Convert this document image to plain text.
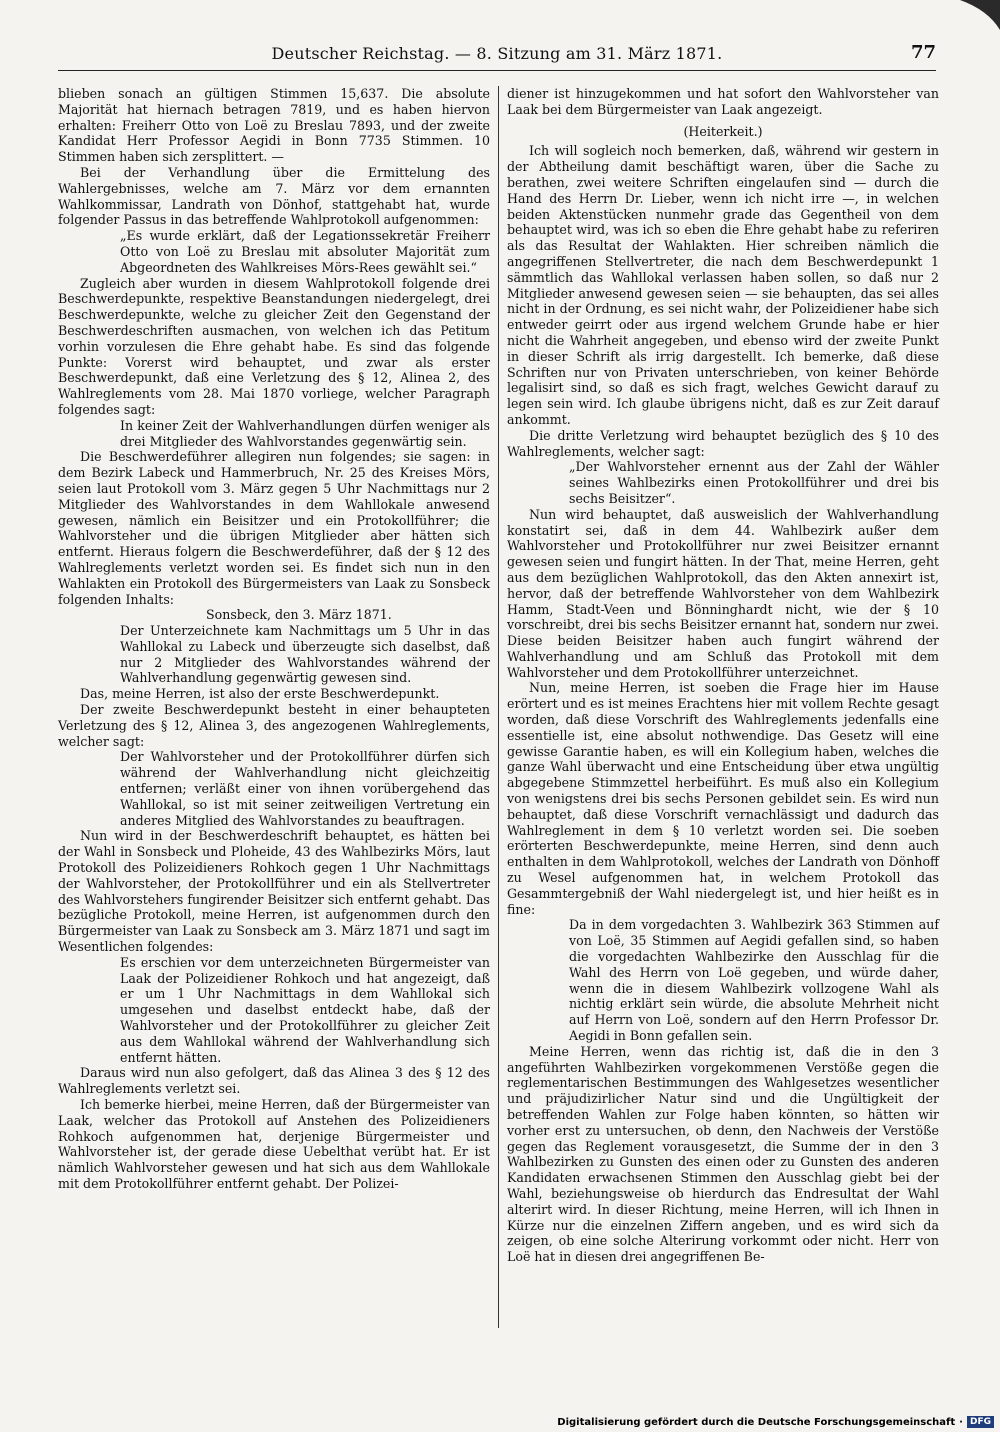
Deutscher Reichstag. — 8. Sitzung am 31. März 1871.	77

blieben sonach an gültigen Stimmen 15,637. Die absolute Majorität hat hiernach betragen 7819, und es haben hiervon erhalten: Freiherr Otto von Loë zu Breslau 7893, und der zweite Kandidat Herr Professor Aegidi in Bonn 7735 Stimmen. 10 Stimmen haben sich zersplittert. —

Bei der Verhandlung über die Ermittelung des Wahlergebnisses, welche am 7. März vor dem ernannten Wahlkommissar, Landrath von Dönhof, stattgehabt hat, wurde folgender Passus in das betreffende Wahlprotokoll aufgenommen:

„Es wurde erklärt, daß der Legationssekretär Freiherr Otto von Loë zu Breslau mit absoluter Majorität zum Abgeordneten des Wahlkreises Mörs-Rees gewählt sei.“

Zugleich aber wurden in diesem Wahlprotokoll folgende drei Beschwerdepunkte, respektive Beanstandungen niedergelegt, drei Beschwerdepunkte, welche zu gleicher Zeit den Gegenstand der Beschwerdeschriften ausmachen, von welchen ich das Petitum vorhin vorzulesen die Ehre gehabt habe. Es sind das folgende Punkte: Vorerst wird behauptet, und zwar als erster Beschwerdepunkt, daß eine Verletzung des § 12, Alinea 2, des Wahlreglements vom 28. Mai 1870 vorliege, welcher Paragraph folgendes sagt:

In keiner Zeit der Wahlverhandlungen dürfen weniger als drei Mitglieder des Wahlvorstandes gegenwärtig sein.

Die Beschwerdeführer allegiren nun folgendes; sie sagen: in dem Bezirk Labeck und Hammerbruch, Nr. 25 des Kreises Mörs, seien laut Protokoll vom 3. März gegen 5 Uhr Nachmittags nur 2 Mitglieder des Wahlvorstandes in dem Wahllokale anwesend gewesen, nämlich ein Beisitzer und ein Protokollführer; die Wahlvorsteher und die übrigen Mitglieder aber hätten sich entfernt. Hieraus folgern die Beschwerdeführer, daß der § 12 des Wahlreglements verletzt worden sei. Es findet sich nun in den Wahlakten ein Protokoll des Bürgermeisters van Laak zu Sonsbeck folgenden Inhalts:

Sonsbeck, den 3. März 1871.

Der Unterzeichnete kam Nachmittags um 5 Uhr in das Wahllokal zu Labeck und überzeugte sich daselbst, daß nur 2 Mitglieder des Wahlvorstandes während der Wahlverhandlung gegenwärtig gewesen sind.

Das, meine Herren, ist also der erste Beschwerdepunkt.

Der zweite Beschwerdepunkt besteht in einer behaupteten Verletzung des § 12, Alinea 3, des angezogenen Wahlreglements, welcher sagt:

Der Wahlvorsteher und der Protokollführer dürfen sich während der Wahlverhandlung nicht gleichzeitig entfernen; verläßt einer von ihnen vorübergehend das Wahllokal, so ist mit seiner zeitweiligen Vertretung ein anderes Mitglied des Wahlvorstandes zu beauftragen.

Nun wird in der Beschwerdeschrift behauptet, es hätten bei der Wahl in Sonsbeck und Ploheide, 43 des Wahlbezirks Mörs, laut Protokoll des Polizeidieners Rohkoch gegen 1 Uhr Nachmittags der Wahlvorsteher, der Protokollführer und ein als Stellvertreter des Wahlvorstehers fungirender Beisitzer sich entfernt gehabt. Das bezügliche Protokoll, meine Herren, ist aufgenommen durch den Bürgermeister van Laak zu Sonsbeck am 3. März 1871 und sagt im Wesentlichen folgendes:

Es erschien vor dem unterzeichneten Bürgermeister van Laak der Polizeidiener Rohkoch und hat angezeigt, daß er um 1 Uhr Nachmittags in dem Wahllokal sich umgesehen und daselbst entdeckt habe, daß der Wahlvorsteher und der Protokollführer zu gleicher Zeit aus dem Wahllokal während der Wahlverhandlung sich entfernt hätten.

Daraus wird nun also gefolgert, daß das Alinea 3 des § 12 des Wahlreglements verletzt sei.

Ich bemerke hierbei, meine Herren, daß der Bürgermeister van Laak, welcher das Protokoll auf Anstehen des Polizeidieners Rohkoch aufgenommen hat, derjenige Bürgermeister und Wahlvorsteher ist, der gerade diese Uebelthat verübt hat. Er ist nämlich Wahlvorsteher gewesen und hat sich aus dem Wahllokale mit dem Protokollführer entfernt gehabt. Der Polizei-

diener ist hinzugekommen und hat sofort den Wahlvorsteher van Laak bei dem Bürgermeister van Laak angezeigt.

(Heiterkeit.)

Ich will sogleich noch bemerken, daß, während wir gestern in der Abtheilung damit beschäftigt waren, über die Sache zu berathen, zwei weitere Schriften eingelaufen sind — durch die Hand des Herrn Dr. Lieber, wenn ich nicht irre —, in welchen beiden Aktenstücken nunmehr grade das Gegentheil von dem behauptet wird, was ich so eben die Ehre gehabt habe zu referiren als das Resultat der Wahlakten. Hier schreiben nämlich die angegriffenen Stellvertreter, die nach dem Beschwerdepunkt 1 sämmtlich das Wahllokal verlassen haben sollen, so daß nur 2 Mitglieder anwesend gewesen seien — sie behaupten, das sei alles nicht in der Ordnung, es sei nicht wahr, der Polizeidiener habe sich entweder geirrt oder aus irgend welchem Grunde habe er hier nicht die Wahrheit angegeben, und ebenso wird der zweite Punkt in dieser Schrift als irrig dargestellt. Ich bemerke, daß diese Schriften nur von Privaten unterschrieben, von keiner Behörde legalisirt sind, so daß es sich fragt, welches Gewicht darauf zu legen sein wird. Ich glaube übrigens nicht, daß es zur Zeit darauf ankommt.

Die dritte Verletzung wird behauptet bezüglich des § 10 des Wahlreglements, welcher sagt:

„Der Wahlvorsteher ernennt aus der Zahl der Wähler seines Wahlbezirks einen Protokollführer und drei bis sechs Beisitzer“.

Nun wird behauptet, daß ausweislich der Wahlverhandlung konstatirt sei, daß in dem 44. Wahlbezirk außer dem Wahlvorsteher und Protokollführer nur zwei Beisitzer ernannt gewesen seien und fungirt hätten. In der That, meine Herren, geht aus dem bezüglichen Wahlprotokoll, das den Akten annexirt ist, hervor, daß der betreffende Wahlvorsteher von dem Wahlbezirk Hamm, Stadt-Veen und Bönninghardt nicht, wie der § 10 vorschreibt, drei bis sechs Beisitzer ernannt hat, sondern nur zwei. Diese beiden Beisitzer haben auch fungirt während der Wahlverhandlung und am Schluß das Protokoll mit dem Wahlvorsteher und dem Protokollführer unterzeichnet.

Nun, meine Herren, ist soeben die Frage hier im Hause erörtert und es ist meines Erachtens hier mit vollem Rechte gesagt worden, daß diese Vorschrift des Wahlreglements jedenfalls eine essentielle ist, eine absolut nothwendige. Das Gesetz will eine gewisse Garantie haben, es will ein Kollegium haben, welches die ganze Wahl überwacht und eine Entscheidung über etwa ungültig abgegebene Stimmzettel herbeiführt. Es muß also ein Kollegium von wenigstens drei bis sechs Personen gebildet sein. Es wird nun behauptet, daß diese Vorschrift vernachlässigt und dadurch das Wahlreglement in dem § 10 verletzt worden sei. Die soeben erörterten Beschwerdepunkte, meine Herren, sind denn auch enthalten in dem Wahlprotokoll, welches der Landrath von Dönhoff zu Wesel aufgenommen hat, in welchem Protokoll das Gesammtergebniß der Wahl niedergelegt ist, und hier heißt es in fine:

Da in dem vorgedachten 3. Wahlbezirk 363 Stimmen auf von Loë, 35 Stimmen auf Aegidi gefallen sind, so haben die vorgedachten Wahlbezirke den Ausschlag für die Wahl des Herrn von Loë gegeben, und würde daher, wenn die in diesem Wahlbezirk vollzogene Wahl als nichtig erklärt sein würde, die absolute Mehrheit nicht auf Herrn von Loë, sondern auf den Herrn Professor Dr. Aegidi in Bonn gefallen sein.

Meine Herren, wenn das richtig ist, daß die in den 3 angeführten Wahlbezirken vorgekommenen Verstöße gegen die reglementarischen Bestimmungen des Wahlgesetzes wesentlicher und präjudizirlicher Natur sind und die Ungültigkeit der betreffenden Wahlen zur Folge haben könnten, so hätten wir vorher erst zu untersuchen, ob denn, den Nachweis der Verstöße gegen das Reglement vorausgesetzt, die Summe der in den 3 Wahlbezirken zu Gunsten des einen oder zu Gunsten des anderen Kandidaten erwachsenen Stimmen den Ausschlag giebt bei der Wahl, beziehungsweise ob hierdurch das Endresultat der Wahl alterirt wird. In dieser Richtung, meine Herren, will ich Ihnen in Kürze nur die einzelnen Ziffern angeben, und es wird sich da zeigen, ob eine solche Alterirung vorkommt oder nicht. Herr von Loë hat in diesen drei angegriffenen Be-

Digitalisierung gefördert durch die Deutsche Forschungsgemeinschaft · DFG
